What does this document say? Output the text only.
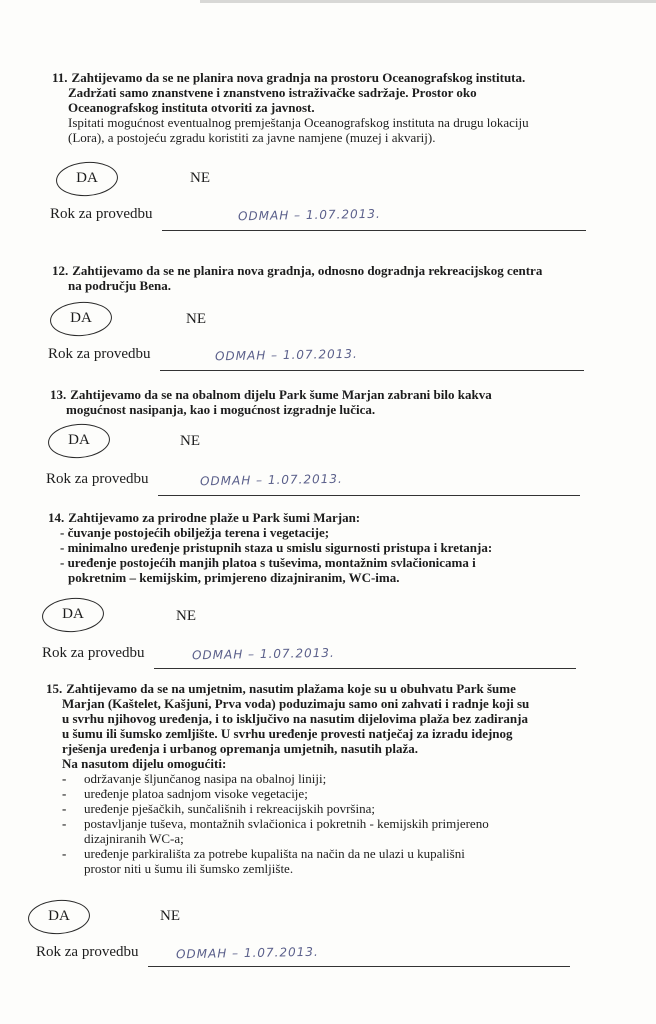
11. Zahtijevamo da se ne planira nova gradnja na prostoru Oceanografskog instituta.
Zadržati samo znanstvene i znanstveno istraživačke sadržaje. Prostor oko
Oceanografskog instituta otvoriti za javnost.
Ispitati mogućnost eventualnog premještanja Oceanografskog instituta na drugu lokaciju
(Lora), a postojeću zgradu koristiti za javne namjene (muzej i akvarij).
DA	NE
Rok za provedbu	ODMAH – 1.07.2013.
12. Zahtijevamo da se ne planira nova gradnja, odnosno dogradnja rekreacijskog centra
na području Bena.
DA	NE
Rok za provedbu	ODMAH – 1.07.2013.
13. Zahtijevamo da se na obalnom dijelu Park šume Marjan zabrani bilo kakva
mogućnost nasipanja, kao i mogućnost izgradnje lučica.
DA	NE
Rok za provedbu	ODMAH – 1.07.2013.
14. Zahtijevamo za prirodne plaže u Park šumi Marjan:
- čuvanje postojećih obilježja terena i vegetacije;
- minimalno uređenje pristupnih staza u smislu sigurnosti pristupa i kretanja:
- uređenje postojećih manjih platoa s tuševima, montažnim svlačionicama i
pokretnim – kemijskim, primjereno dizajniranim, WC-ima.
DA	NE
Rok za provedbu	ODMAH – 1.07.2013.
15. Zahtijevamo da se na umjetnim, nasutim plažama koje su u obuhvatu Park šume
Marjan (Kaštelet, Kašjuni, Prva voda) poduzimaju samo oni zahvati i radnje koji su
u svrhu njihovog uređenja, i to isključivo na nasutim dijelovima plaža bez zadiranja
u šumu ili šumsko zemljište. U svrhu uređenje provesti natječaj za izradu idejnog
rješenja uređenja i urbanog opremanja umjetnih, nasutih plaža.
Na nasutom dijelu omogućiti:
-	održavanje šljunčanog nasipa na obalnoj liniji;
-	uređenje platoa sadnjom visoke vegetacije;
-	uređenje pješačkih, sunčališnih i rekreacijskih površina;
-	postavljanje tuševa, montažnih svlačionica i pokretnih - kemijskih primjereno
dizajniranih WC-a;
-	uređenje parkirališta za potrebe kupališta na način da ne ulazi u kupališni
prostor niti u šumu ili šumsko zemljište.
DA	NE
Rok za provedbu	ODMAH – 1.07.2013.
